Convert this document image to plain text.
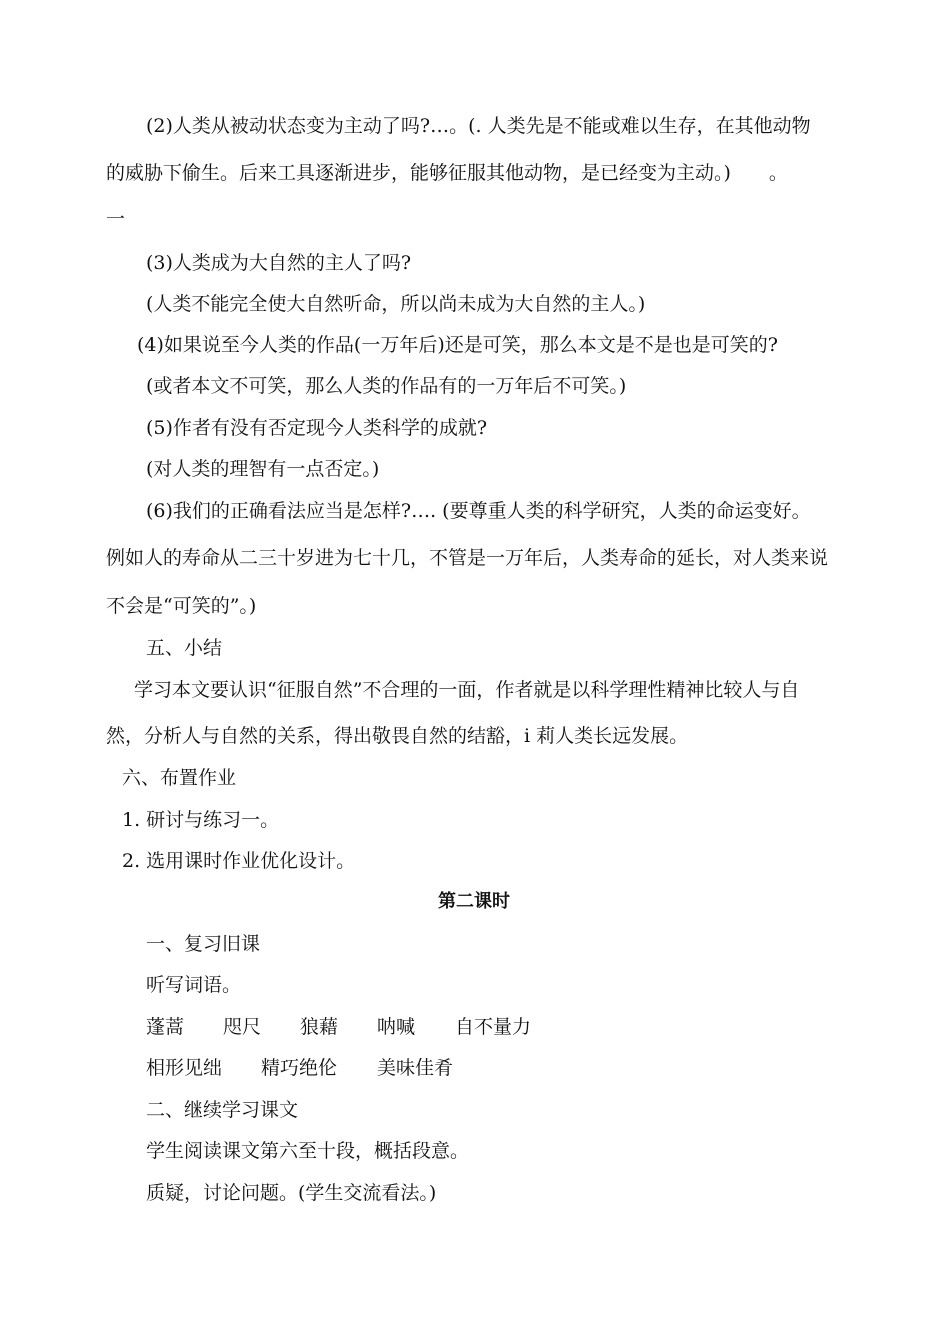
(2)人类从被动状态变为主动了吗?…。(. 人类先是不能或难以生存，在其他动物
的威胁下偷生。后来工具逐渐进步，能够征服其他动物，是已经变为主动。)　　。
一
(3)人类成为大自然的主人了吗?
(人类不能完全使大自然听命，所以尚未成为大自然的主人。)
(4)如果说至今人类的作品(一万年后)还是可笑，那么本文是不是也是可笑的?
(或者本文不可笑，那么人类的作品有的一万年后不可笑。)
(5)作者有没有否定现今人类科学的成就?
(对人类的理智有一点否定。)
(6)我们的正确看法应当是怎样?…. (要尊重人类的科学研究，人类的命运变好。
例如人的寿命从二三十岁进为七十几，不管是一万年后，人类寿命的延长，对人类来说
不会是“可笑的”。)
五、小结
学习本文要认识“征服自然”不合理的一面，作者就是以科学理性精神比较人与自
然，分析人与自然的关系，得出敬畏自然的结豁，i 莉人类长远发展。
六、布置作业
1. 研讨与练习一。
2. 选用课时作业优化设计。
第二课时
一、复习旧课
听写词语。
蓬蒿 咫尺 狼藉 呐喊 自不量力
相形见绌 精巧绝伦 美味佳肴
二、继续学习课文
学生阅读课文第六至十段，概括段意。
质疑，讨论问题。(学生交流看法。)
